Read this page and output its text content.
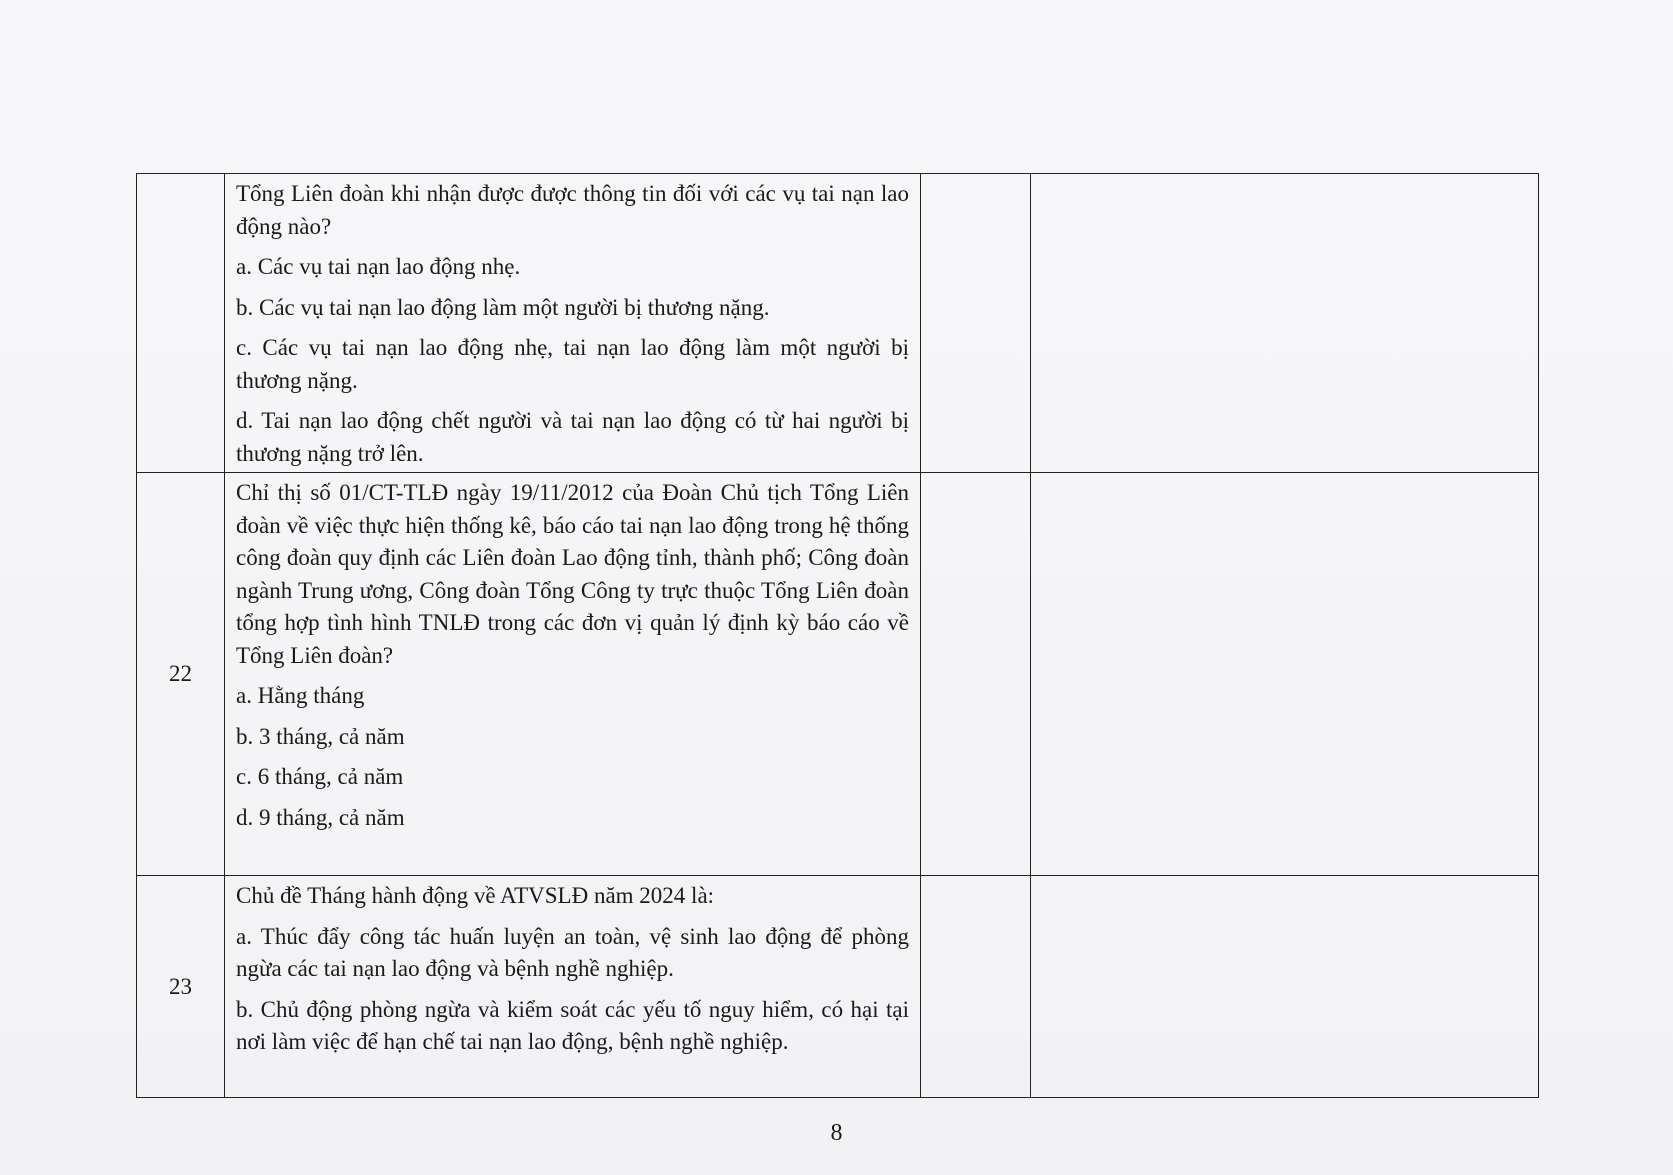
	Tổng Liên đoàn khi nhận được được thông tin đối với các vụ tai nạn lao động nào?
a. Các vụ tai nạn lao động nhẹ.
b. Các vụ tai nạn lao động làm một người bị thương nặng.
c. Các vụ tai nạn lao động nhẹ, tai nạn lao động làm một người bị thương nặng.
d. Tai nạn lao động chết người và tai nạn lao động có từ hai người bị thương nặng trở lên.		

22	Chỉ thị số 01/CT-TLĐ ngày 19/11/2012 của Đoàn Chủ tịch Tổng Liên đoàn về việc thực hiện thống kê, báo cáo tai nạn lao động trong hệ thống công đoàn quy định các Liên đoàn Lao động tỉnh, thành phố; Công đoàn ngành Trung ương, Công đoàn Tổng Công ty trực thuộc Tổng Liên đoàn tổng hợp tình hình TNLĐ trong các đơn vị quản lý định kỳ báo cáo về Tổng Liên đoàn?
a. Hằng tháng
b. 3 tháng, cả năm
c. 6 tháng, cả năm
d. 9 tháng, cả năm		

23	Chủ đề Tháng hành động về ATVSLĐ năm 2024 là:
a. Thúc đẩy công tác huấn luyện an toàn, vệ sinh lao động để phòng ngừa các tai nạn lao động và bệnh nghề nghiệp.
b. Chủ động phòng ngừa và kiểm soát các yếu tố nguy hiểm, có hại tại nơi làm việc để hạn chế tai nạn lao động, bệnh nghề nghiệp.		

8
